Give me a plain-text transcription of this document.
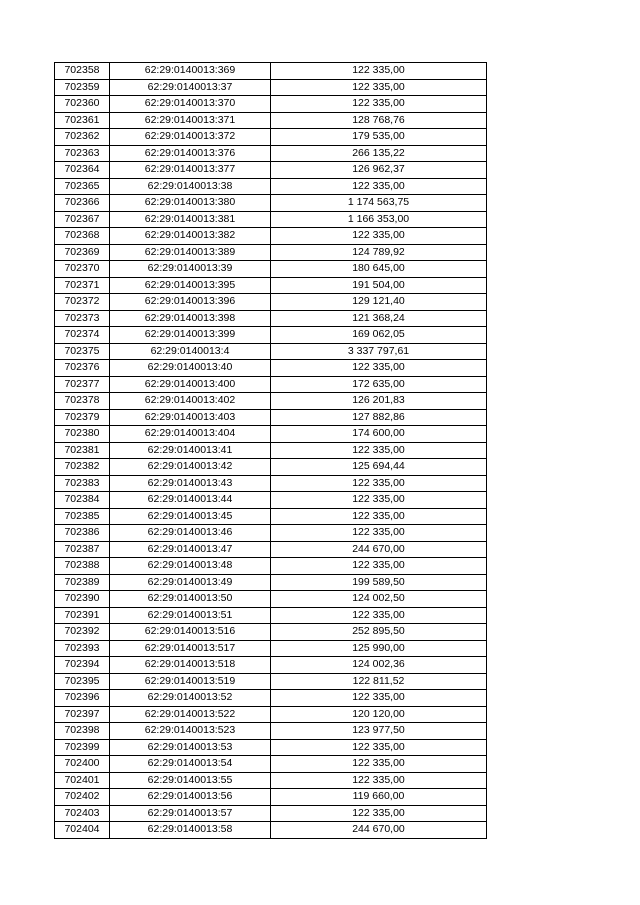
702358	62:29:0140013:369	122 335,00
702359	62:29:0140013:37	122 335,00
702360	62:29:0140013:370	122 335,00
702361	62:29:0140013:371	128 768,76
702362	62:29:0140013:372	179 535,00
702363	62:29:0140013:376	266 135,22
702364	62:29:0140013:377	126 962,37
702365	62:29:0140013:38	122 335,00
702366	62:29:0140013:380	1 174 563,75
702367	62:29:0140013:381	1 166 353,00
702368	62:29:0140013:382	122 335,00
702369	62:29:0140013:389	124 789,92
702370	62:29:0140013:39	180 645,00
702371	62:29:0140013:395	191 504,00
702372	62:29:0140013:396	129 121,40
702373	62:29:0140013:398	121 368,24
702374	62:29:0140013:399	169 062,05
702375	62:29:0140013:4	3 337 797,61
702376	62:29:0140013:40	122 335,00
702377	62:29:0140013:400	172 635,00
702378	62:29:0140013:402	126 201,83
702379	62:29:0140013:403	127 882,86
702380	62:29:0140013:404	174 600,00
702381	62:29:0140013:41	122 335,00
702382	62:29:0140013:42	125 694,44
702383	62:29:0140013:43	122 335,00
702384	62:29:0140013:44	122 335,00
702385	62:29:0140013:45	122 335,00
702386	62:29:0140013:46	122 335,00
702387	62:29:0140013:47	244 670,00
702388	62:29:0140013:48	122 335,00
702389	62:29:0140013:49	199 589,50
702390	62:29:0140013:50	124 002,50
702391	62:29:0140013:51	122 335,00
702392	62:29:0140013:516	252 895,50
702393	62:29:0140013:517	125 990,00
702394	62:29:0140013:518	124 002,36
702395	62:29:0140013:519	122 811,52
702396	62:29:0140013:52	122 335,00
702397	62:29:0140013:522	120 120,00
702398	62:29:0140013:523	123 977,50
702399	62:29:0140013:53	122 335,00
702400	62:29:0140013:54	122 335,00
702401	62:29:0140013:55	122 335,00
702402	62:29:0140013:56	119 660,00
702403	62:29:0140013:57	122 335,00
702404	62:29:0140013:58	244 670,00
